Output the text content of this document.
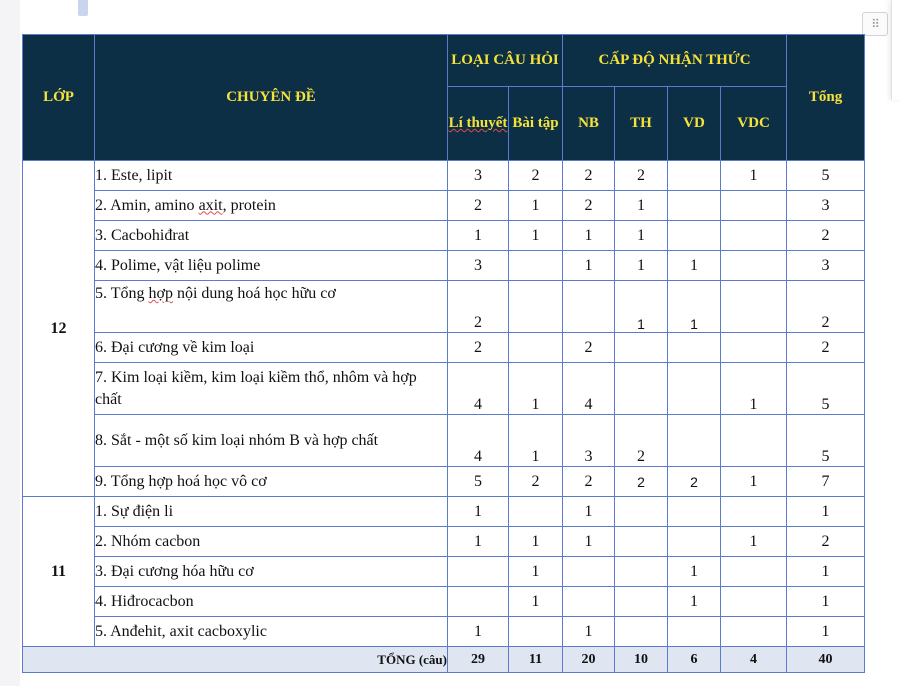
⠿
LỚP	CHUYÊN ĐỀ	LOẠI CÂU HỎI		CẤP ĐỘ NHẬN THỨC				Tổng
		Lí thuyết	Bài tập	NB	TH	VD	VDC	
12	1. Este, lipit	3	2	2	2		1	5
	2. Amin, amino axit, protein	2	1	2	1			3
	3. Cacbohiđrat	1	1	1	1			2
	4. Polime, vật liệu polime	3		1	1	1		3
	5. Tổng hợp nội dung hoá học hữu cơ	2			1	1		2
	6. Đại cương về kim loại	2		2				2
	7. Kim loại kiềm, kim loại kiềm thổ, nhôm và hợp chất	4	1	4			1	5
	8. Sắt - một số kim loại nhóm B và hợp chất	4	1	3	2			5
	9. Tổng hợp hoá học vô cơ	5	2	2	2	2	1	7
11	1. Sự điện li	1		1				1
	2. Nhóm cacbon	1	1	1			1	2
	3. Đại cương hóa hữu cơ		1			1		1
	4. Hiđrocacbon		1			1		1
	5. Anđehit, axit cacboxylic	1		1				1
TỔNG (câu)		29	11	20	10	6	4	40
